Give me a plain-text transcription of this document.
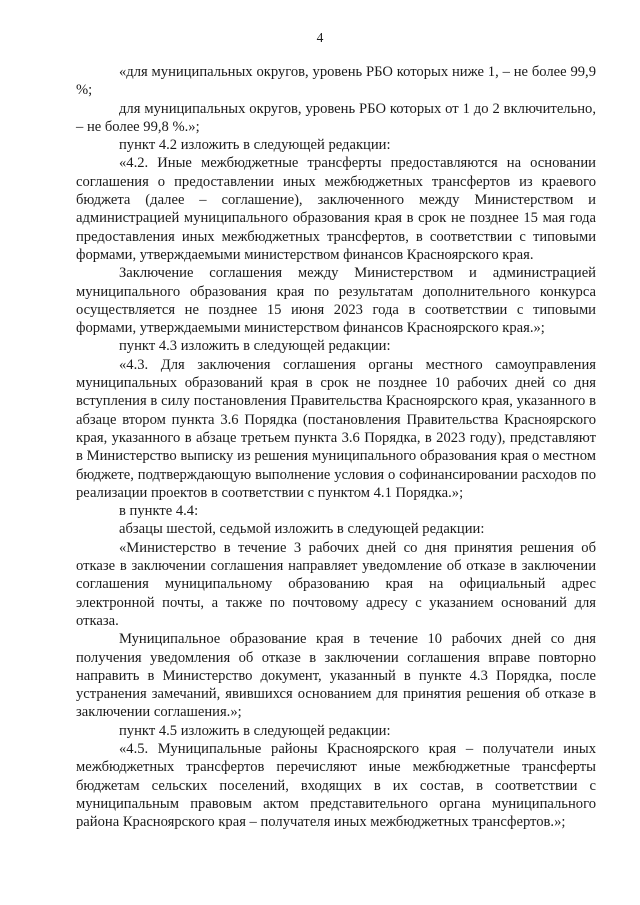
4

«для муниципальных округов, уровень РБО которых ниже 1, – не более 99,9 %;

для муниципальных округов, уровень РБО которых от 1 до 2 включительно, – не более 99,8 %.»;

пункт 4.2 изложить в следующей редакции:

«4.2. Иные межбюджетные трансферты предоставляются на основании соглашения о предоставлении иных межбюджетных трансфертов из краевого бюджета (далее – соглашение), заключенного между Министерством и администрацией муниципального образования края в срок не позднее 15 мая года предоставления иных межбюджетных трансфертов, в соответствии с типовыми формами, утверждаемыми министерством финансов Красноярского края.

Заключение соглашения между Министерством и администрацией муниципального образования края по результатам дополнительного конкурса осуществляется не позднее 15 июня 2023 года в соответствии с типовыми формами, утверждаемыми министерством финансов Красноярского края.»;

пункт 4.3 изложить в следующей редакции:

«4.3. Для заключения соглашения органы местного самоуправления муниципальных образований края в срок не позднее 10 рабочих дней со дня вступления в силу постановления Правительства Красноярского края, указанного в абзаце втором пункта 3.6 Порядка (постановления Правительства Красноярского края, указанного в абзаце третьем пункта 3.6 Порядка, в 2023 году), представляют в Министерство выписку из решения муниципального образования края о местном бюджете, подтверждающую выполнение условия о софинансировании расходов по реализации проектов в соответствии с пунктом 4.1 Порядка.»;

в пункте 4.4:

абзацы шестой, седьмой изложить в следующей редакции:

«Министерство в течение 3 рабочих дней со дня принятия решения об отказе в заключении соглашения направляет уведомление об отказе в заключении соглашения муниципальному образованию края на официальный адрес электронной почты, а также по почтовому адресу с указанием оснований для отказа.

Муниципальное образование края в течение 10 рабочих дней со дня получения уведомления об отказе в заключении соглашения вправе повторно направить в Министерство документ, указанный в пункте 4.3 Порядка, после устранения замечаний, явившихся основанием для принятия решения об отказе в заключении соглашения.»;

пункт 4.5 изложить в следующей редакции:

«4.5. Муниципальные районы Красноярского края – получатели иных межбюджетных трансфертов перечисляют иные межбюджетные трансферты бюджетам сельских поселений, входящих в их состав, в соответствии с муниципальным правовым актом представительного органа муниципального района Красноярского края – получателя иных межбюджетных трансфертов.»;
